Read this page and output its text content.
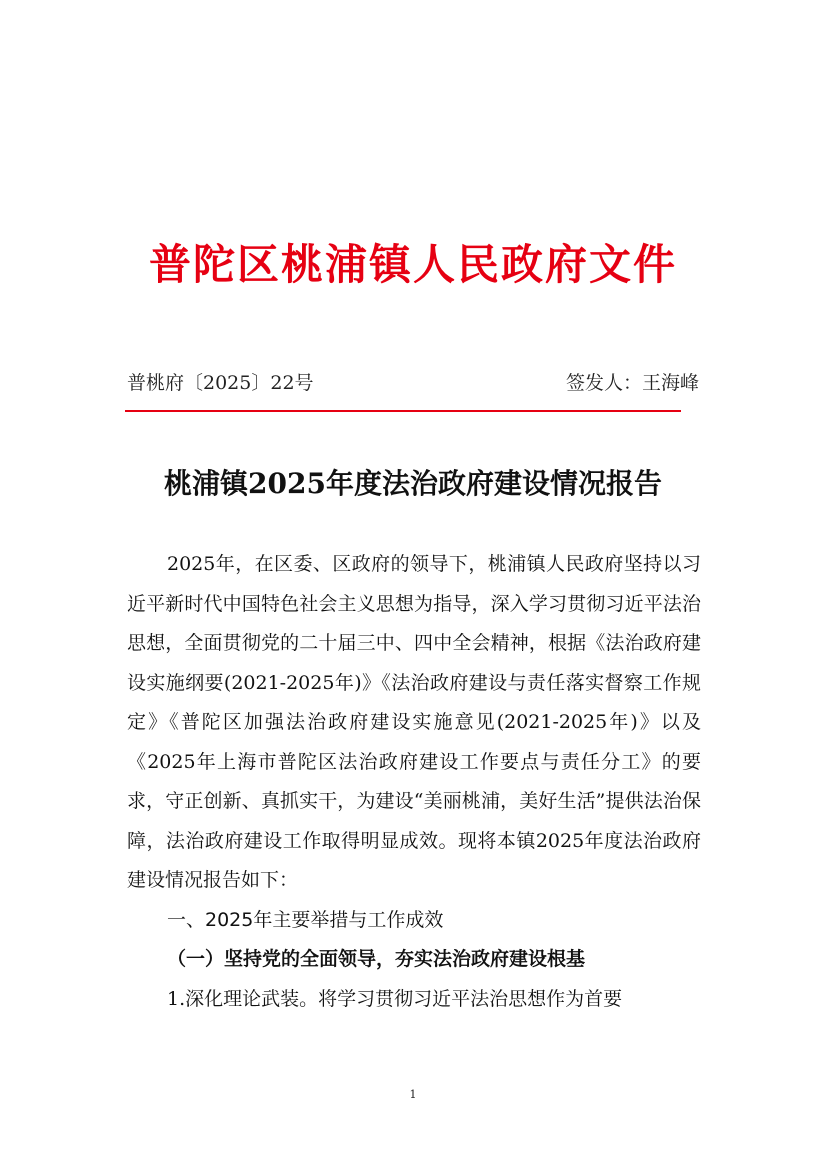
普陀区桃浦镇人民政府文件
普桃府〔2025〕22号	签发人：王海峰
桃浦镇2025年度法治政府建设情况报告

2025年，在区委、区政府的领导下，桃浦镇人民政府坚持以习近平新时代中国特色社会主义思想为指导，深入学习贯彻习近平法治思想，全面贯彻党的二十届三中、四中全会精神，根据《法治政府建设实施纲要(2021-2025年)》《法治政府建设与责任落实督察工作规定》《普陀区加强法治政府建设实施意见(2021-2025年)》以及《2025年上海市普陀区法治政府建设工作要点与责任分工》的要求，守正创新、真抓实干，为建设“美丽桃浦，美好生活”提供法治保障，法治政府建设工作取得明显成效。现将本镇2025年度法治政府建设情况报告如下：

一、2025年主要举措与工作成效

（一）坚持党的全面领导，夯实法治政府建设根基

1.深化理论武装。将学习贯彻习近平法治思想作为首要

1
